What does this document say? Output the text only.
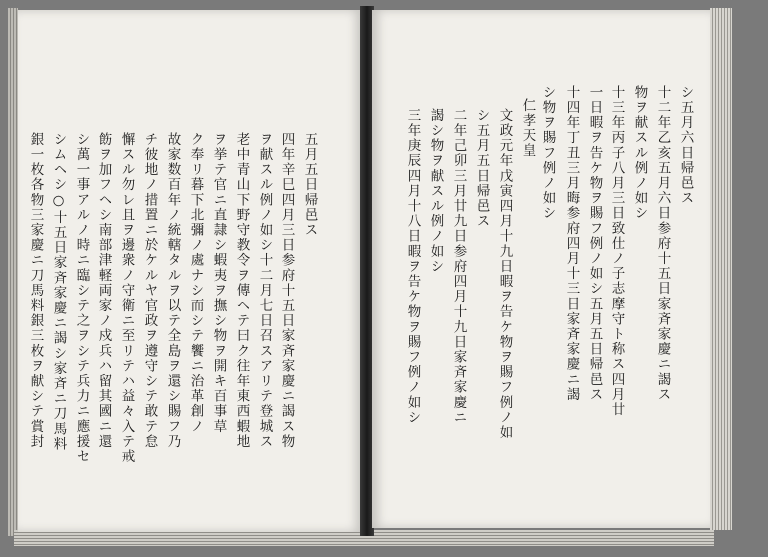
五月五日帰邑ス
四年辛巳四月三日参府十五日家斉家慶ニ謁ス物
ヲ献スル例ノ如シ十二月七日召スアリテ登城ス
老中青山下野守教令ヲ傳ヘテ曰ク往年東西蝦地
ヲ挙テ官ニ直隷シ蝦夷ヲ撫シ物ヲ開キ百事草
ク奉リ暮下北彌ノ處ナシ而シテ饗ニ治革創ノ
故家数百年ノ統轄タルヲ以テ全島ヲ還シ賜フ乃
チ彼地ノ措置ニ於ケルヤ官政ヲ遵守シテ敢テ怠
懈スル勿レ且ヲ邊衆ノ守衛ニ至リテハ益々入テ戒
飭ヲ加フヘシ南部津軽両家ノ戍兵ハ留其國ニ還
シ萬一事アルノ時ニ臨シテ之ヲシテ兵力ニ應援セ
シムヘシ○十五日家斉家慶ニ謁シ家斉ニ刀馬料
銀一枚各物三家慶ニ刀馬料銀三枚ヲ献シテ賞封	シ五月六日帰邑ス
十二年乙亥五月六日参府十五日家斉家慶ニ謁ス
物ヲ献スル例ノ如シ
十三年丙子八月三日致仕ノ子志摩守ト称ス四月廿
一日暇ヲ告ケ物ヲ賜フ例ノ如シ五月五日帰邑ス
十四年丁丑三月晦参府四月十三日家斉家慶ニ謁
シ物ヲ賜フ例ノ如シ
仁孝天皇
文政元年戊寅四月十九日暇ヲ告ケ物ヲ賜フ例ノ如
シ五月五日帰邑ス
二年己卯三月廿九日参府四月十九日家斉家慶ニ
謁シ物ヲ献スル例ノ如シ
三年庚辰四月十八日暇ヲ告ケ物ヲ賜フ例ノ如シ
